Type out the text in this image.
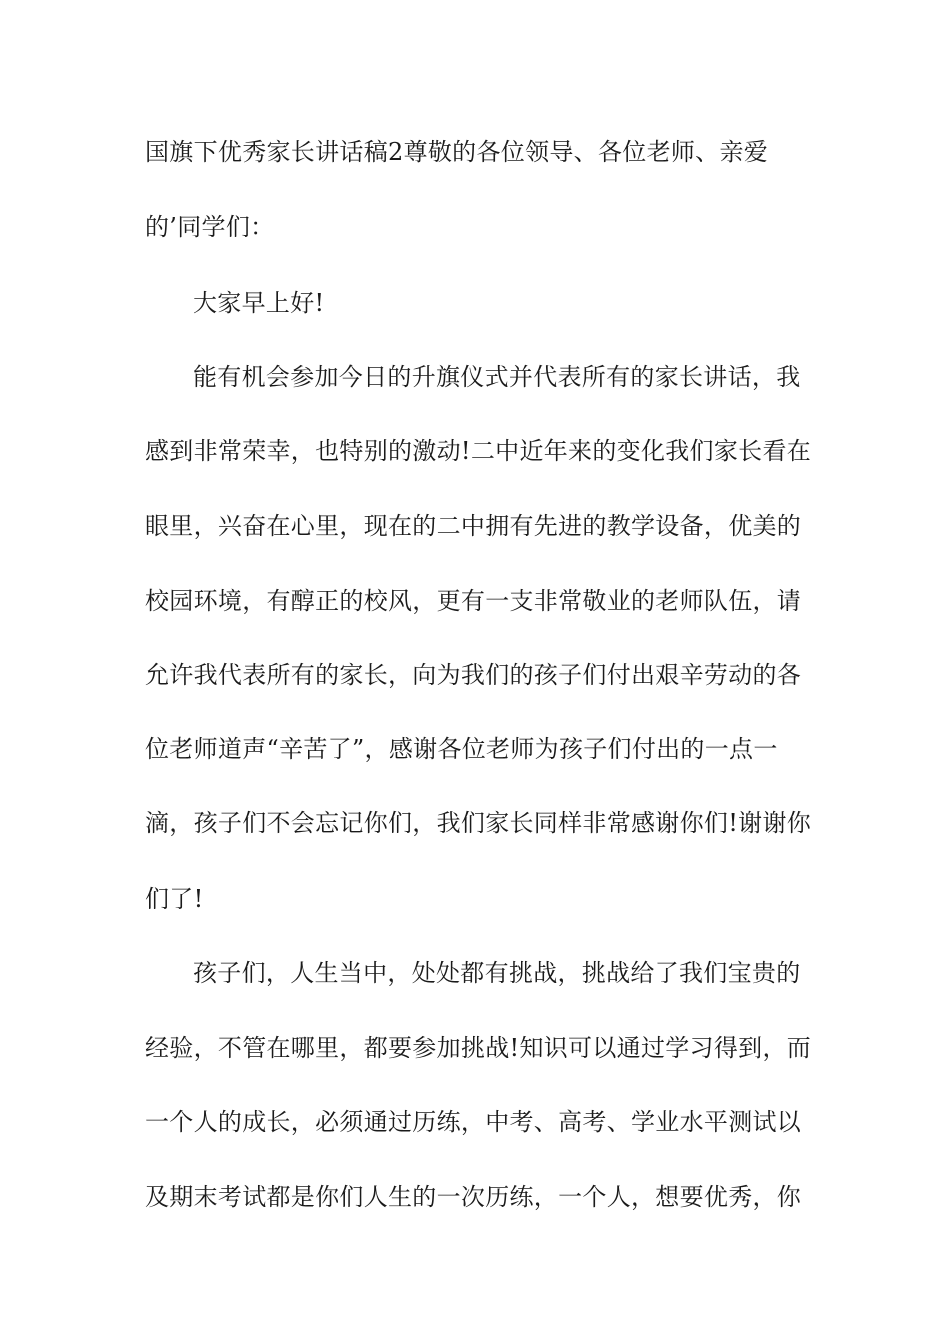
国旗下优秀家长讲话稿2尊敬的各位领导、各位老师、亲爱
的’同学们：
大家早上好!
能有机会参加今日的升旗仪式并代表所有的家长讲话，我
感到非常荣幸，也特别的激动!二中近年来的变化我们家长看在
眼里，兴奋在心里，现在的二中拥有先进的教学设备，优美的
校园环境，有醇正的校风，更有一支非常敬业的老师队伍，请
允许我代表所有的家长，向为我们的孩子们付出艰辛劳动的各
位老师道声“辛苦了”，感谢各位老师为孩子们付出的一点一
滴，孩子们不会忘记你们，我们家长同样非常感谢你们!谢谢你
们了!
孩子们，人生当中，处处都有挑战，挑战给了我们宝贵的
经验，不管在哪里，都要参加挑战!知识可以通过学习得到，而
一个人的成长，必须通过历练，中考、高考、学业水平测试以
及期末考试都是你们人生的一次历练，一个人，想要优秀，你
